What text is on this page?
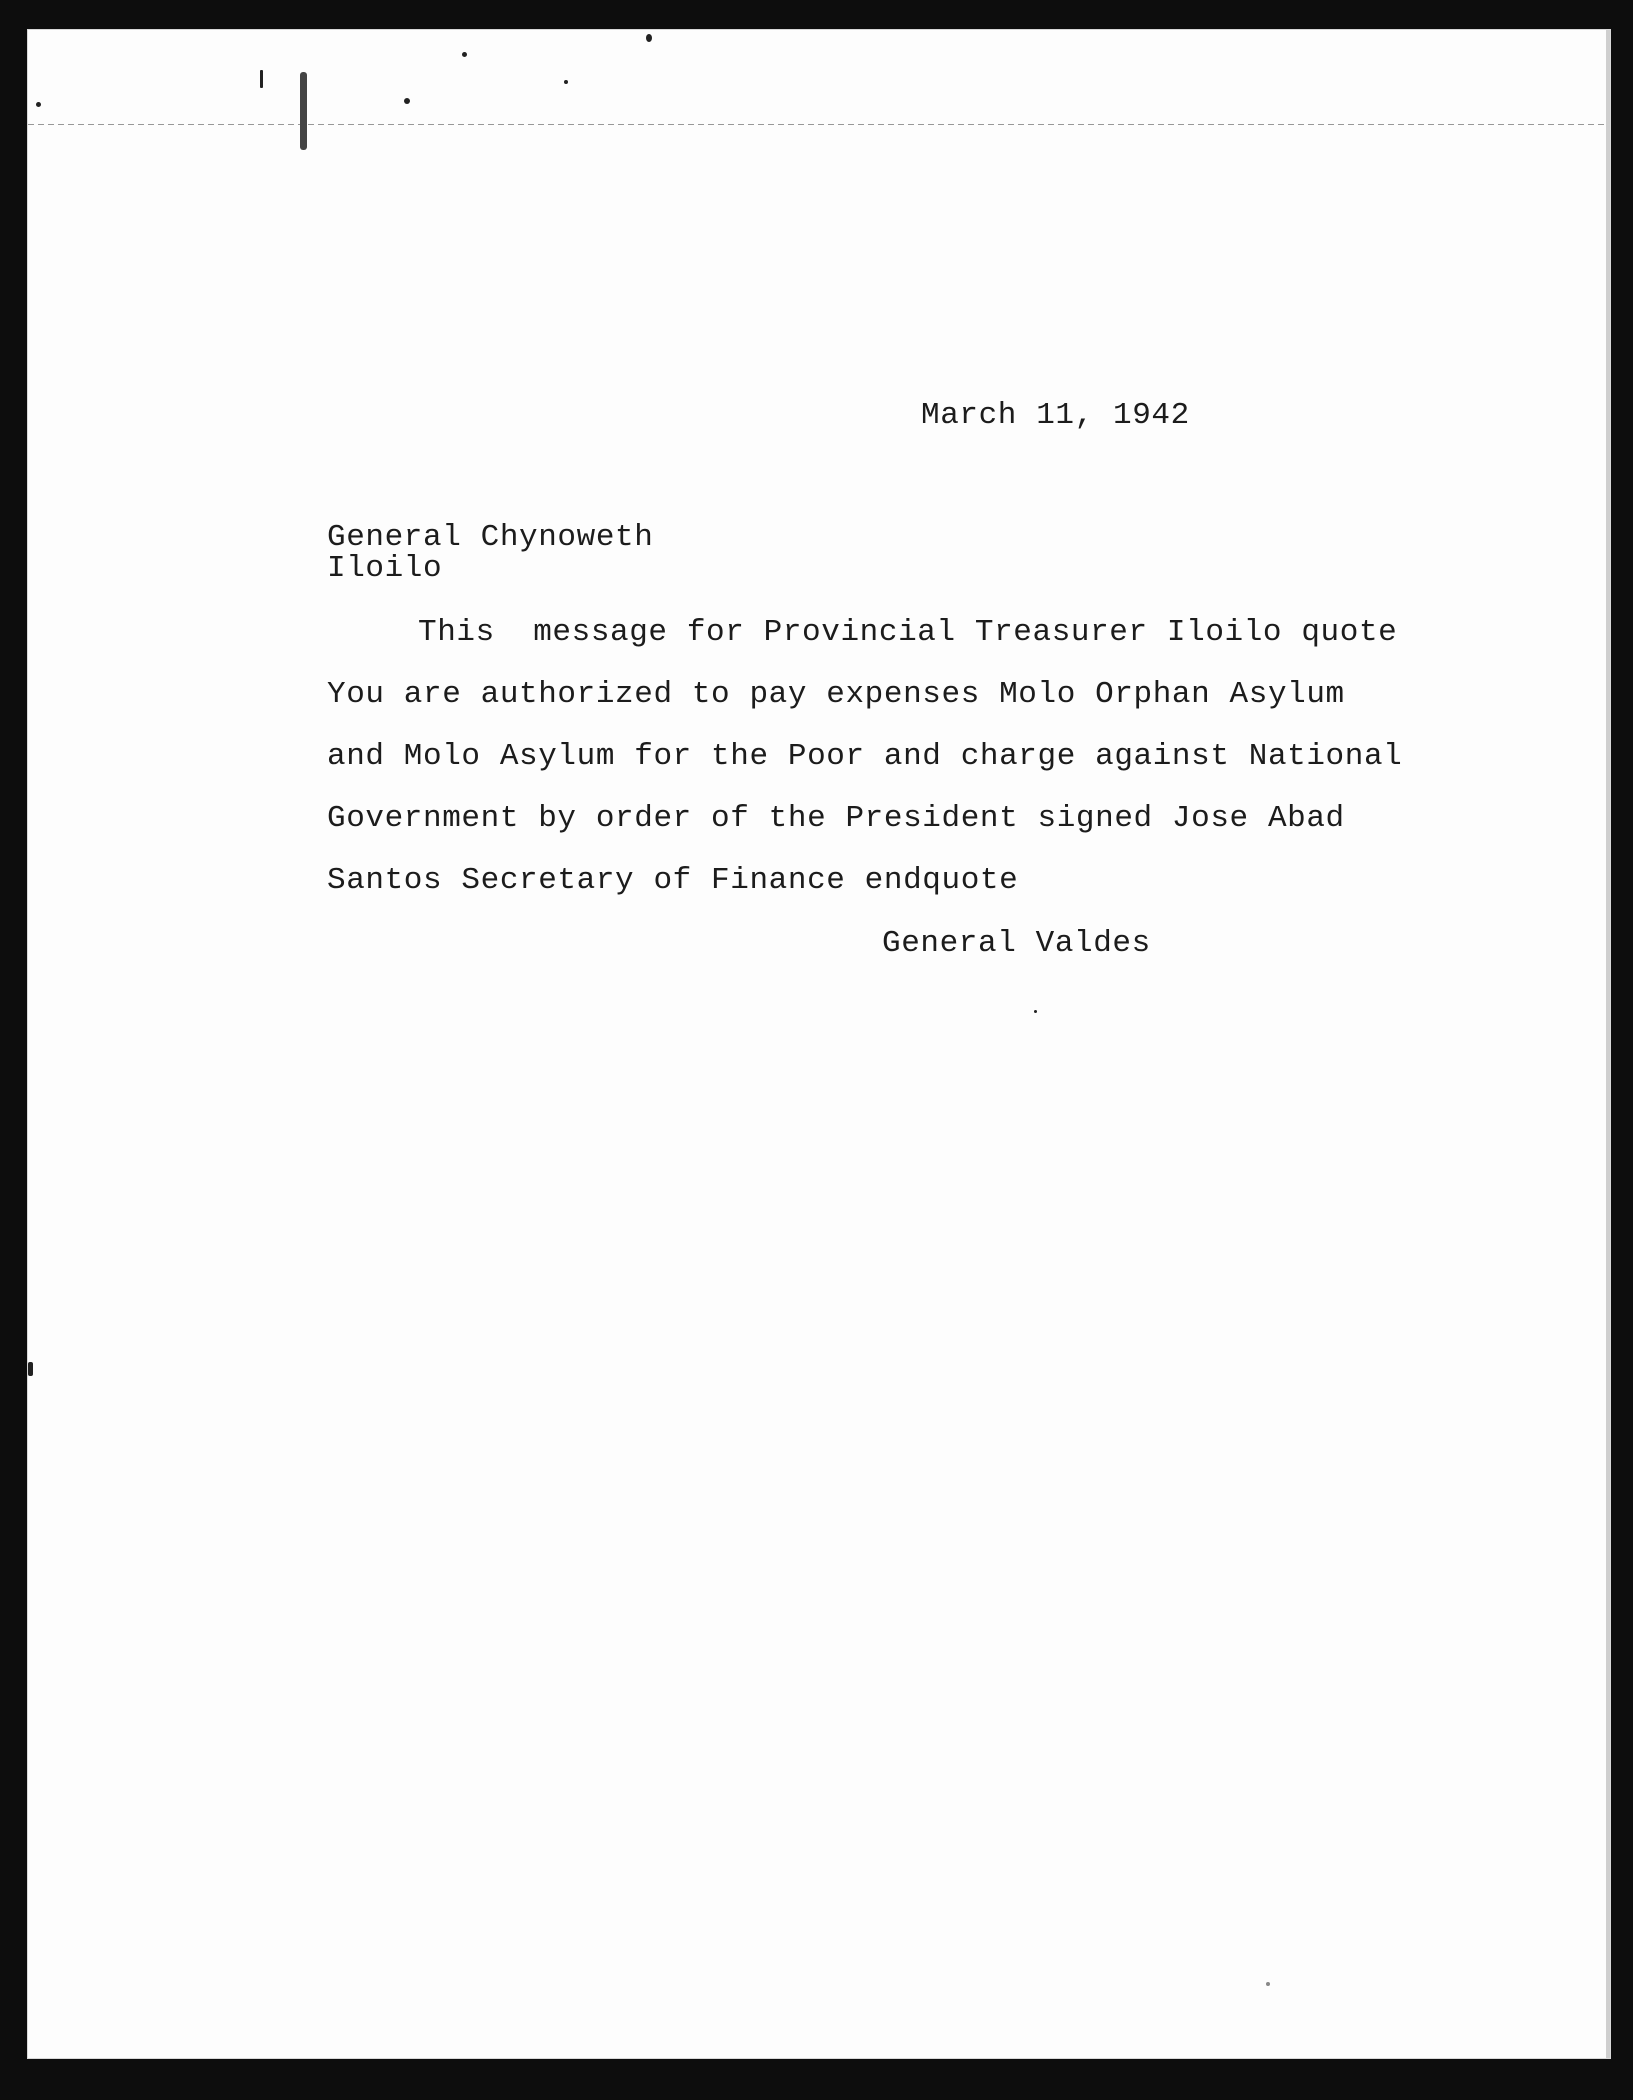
March 11, 1942
General Chynoweth
Iloilo
This  message for Provincial Treasurer Iloilo quote
You are authorized to pay expenses Molo Orphan Asylum
and Molo Asylum for the Poor and charge against National
Government by order of the President signed Jose Abad
Santos Secretary of Finance endquote
General Valdes
